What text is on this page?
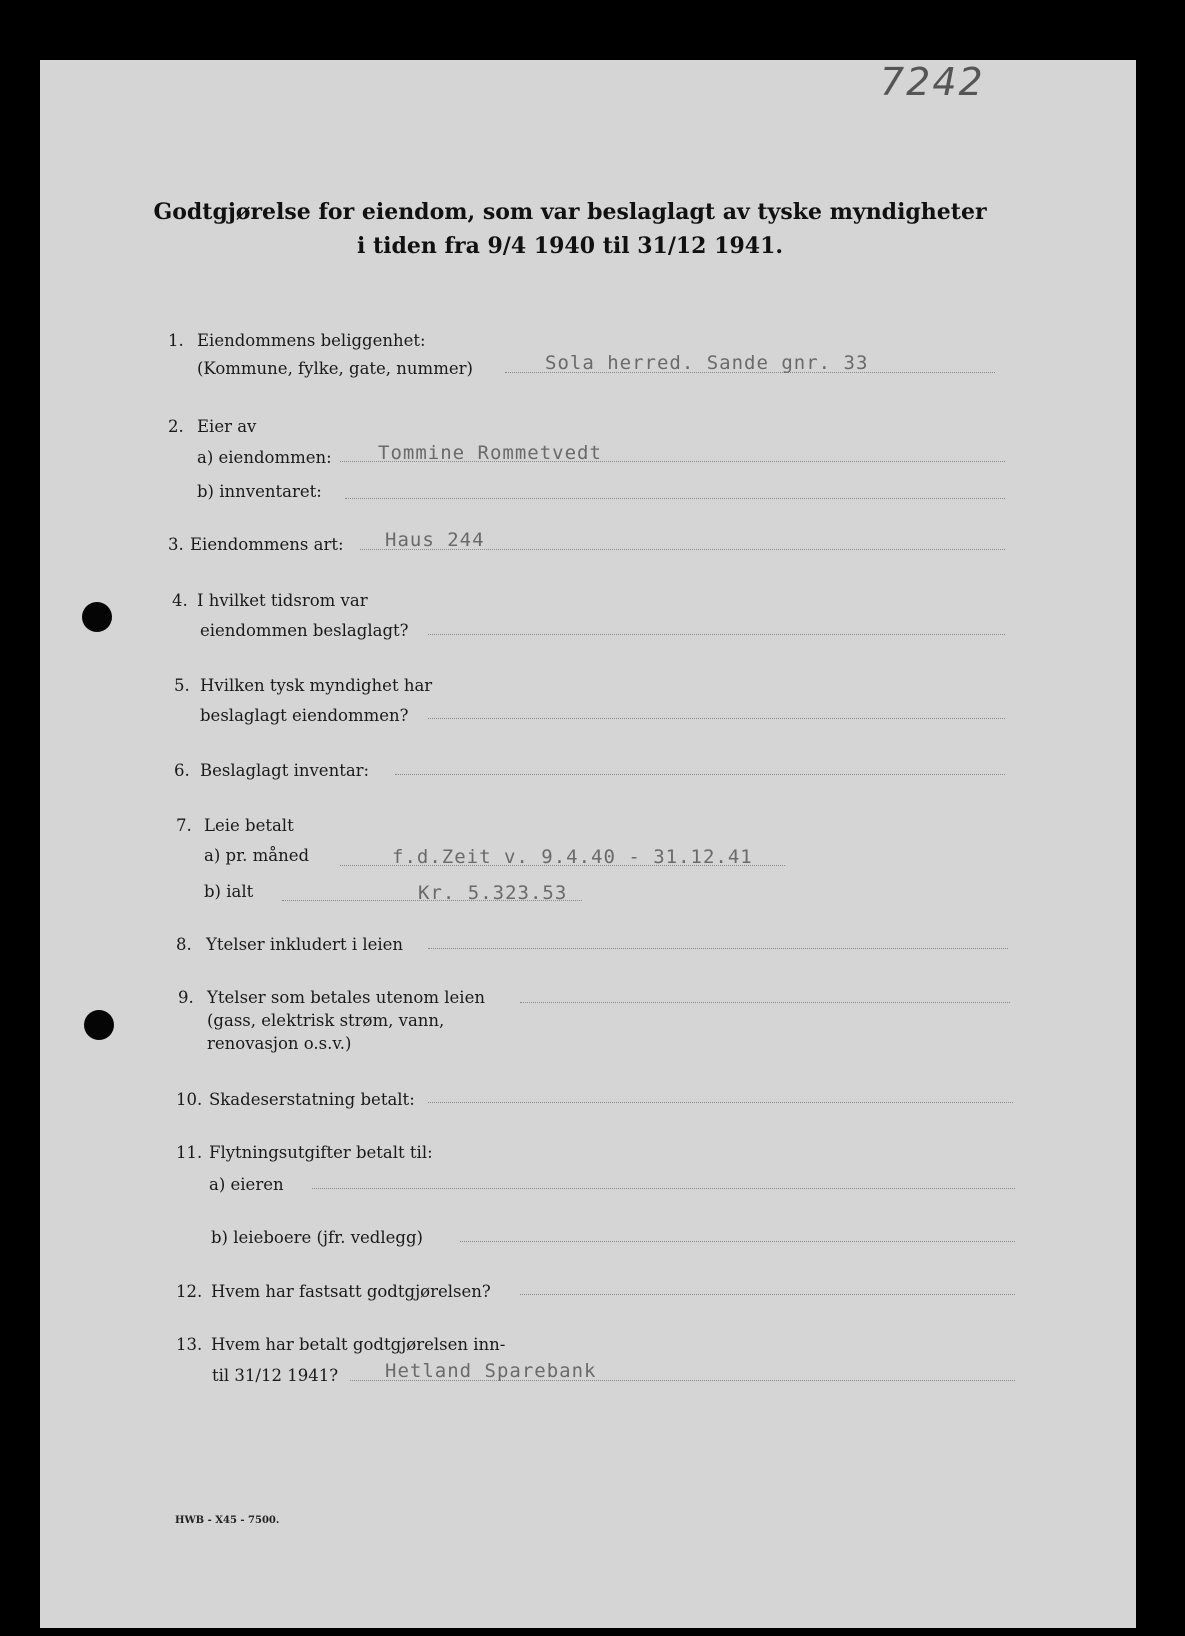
7242
Godtgjørelse for eiendom, som var beslaglagt av tyske myndigheter
i tiden fra 9/4 1940 til 31/12 1941.
1. Eiendommens beliggenhet:
(Kommune, fylke, gate, nummer)	Sola herred. Sande gnr. 33
2. Eier av
a) eiendommen: Tommine Rommetvedt
b) innventaret:
3. Eiendommens art: Haus 244
4. I hvilket tidsrom var
eiendommen beslaglagt?
5. Hvilken tysk myndighet har
beslaglagt eiendommen?
6. Beslaglagt inventar:
7. Leie betalt
a) pr. måned	f.d.Zeit v. 9.4.40 - 31.12.41
b) ialt	Kr. 5.323.53
8. Ytelser inkludert i leien
9. Ytelser som betales utenom leien
(gass, elektrisk strøm, vann,
renovasjon o.s.v.)
10. Skadeserstatning betalt:
11. Flytningsutgifter betalt til:
a) eieren
b) leieboere (jfr. vedlegg)
12. Hvem har fastsatt godtgjørelsen?
13. Hvem har betalt godtgjørelsen inn-
til 31/12 1941? Hetland Sparebank
HWB - X45 - 7500.
